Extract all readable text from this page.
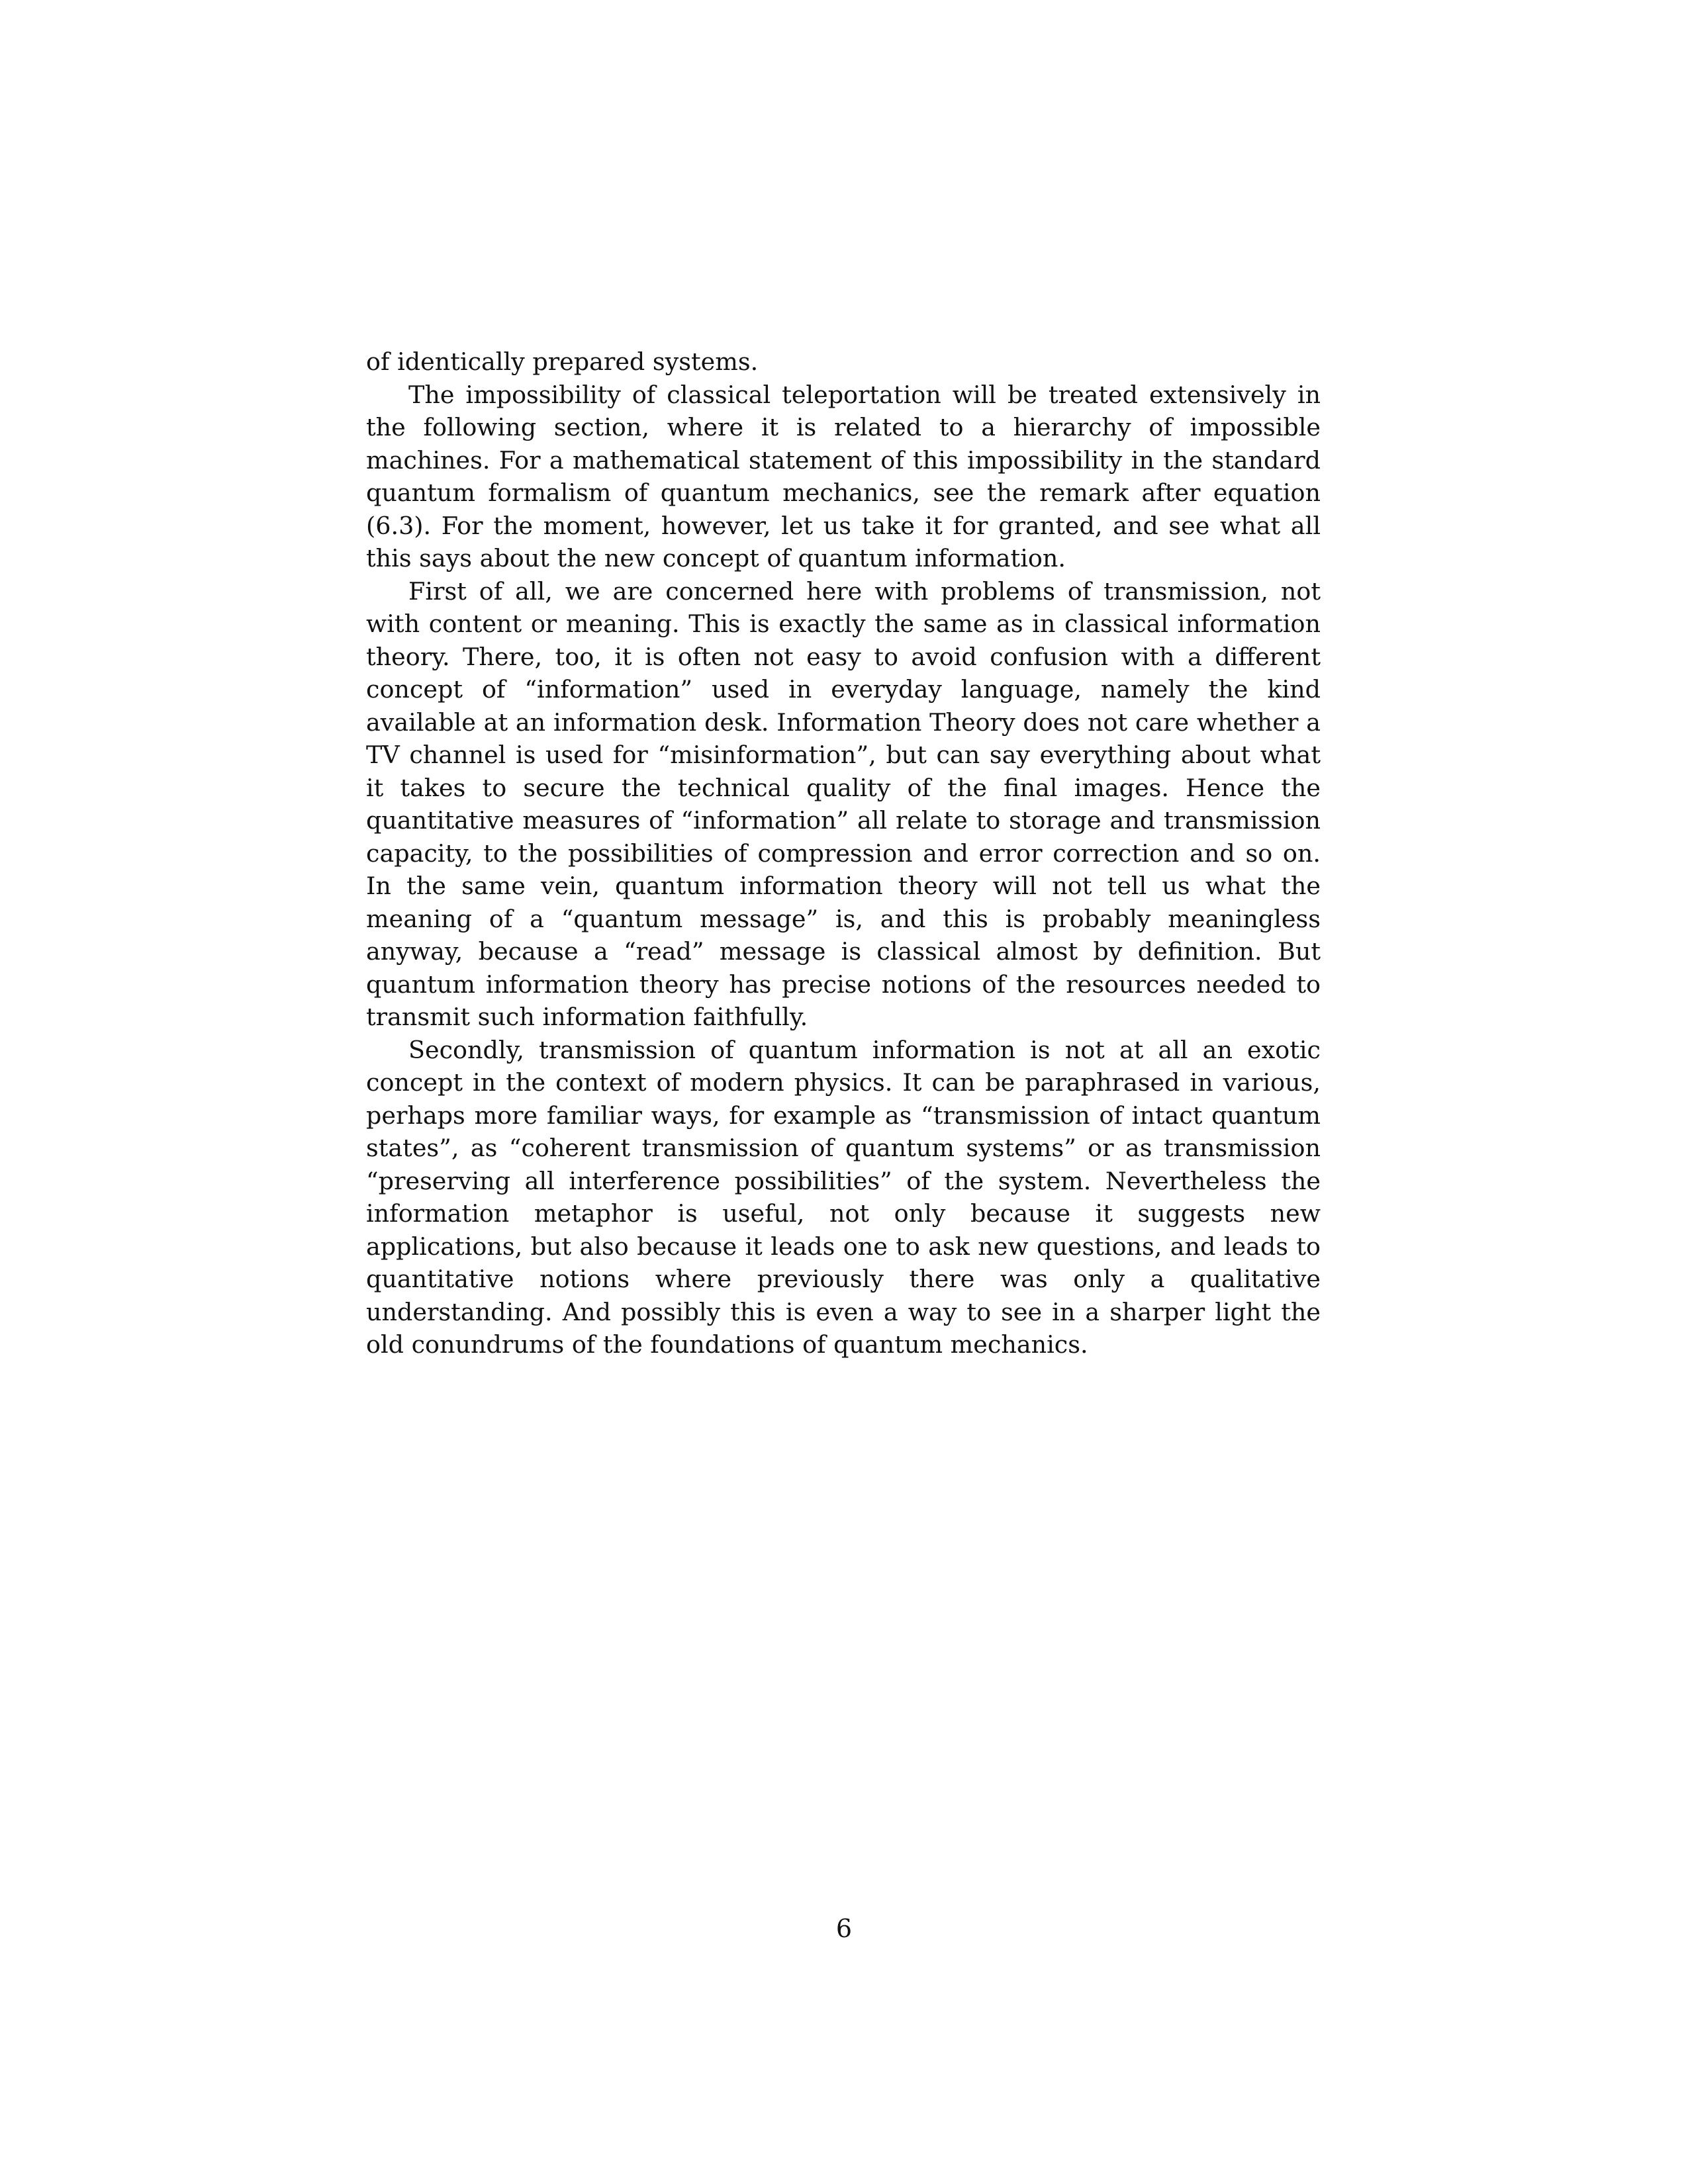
of identically prepared systems.

The impossibility of classical teleportation will be treated extensively in the following section, where it is related to a hierarchy of impossible machines. For a mathematical statement of this impossibility in the standard quantum formalism of quantum mechanics, see the remark after equation (6.3). For the moment, however, let us take it for granted, and see what all this says about the new concept of quantum information.

First of all, we are concerned here with problems of transmission, not with content or meaning. This is exactly the same as in classical information theory. There, too, it is often not easy to avoid confusion with a different concept of “information” used in everyday language, namely the kind available at an information desk. Information Theory does not care whether a TV channel is used for “misinformation”, but can say everything about what it takes to secure the technical quality of the final images. Hence the quantitative measures of “information” all relate to storage and transmission capacity, to the possibilities of compression and error correction and so on. In the same vein, quantum information theory will not tell us what the meaning of a “quantum message” is, and this is probably meaningless anyway, because a “read” message is classical almost by definition. But quantum information theory has precise notions of the resources needed to transmit such information faithfully.

Secondly, transmission of quantum information is not at all an exotic concept in the context of modern physics. It can be paraphrased in various, perhaps more familiar ways, for example as “transmission of intact quantum states”, as “coherent transmission of quantum systems” or as transmission “preserving all interference possibilities” of the system. Nevertheless the information metaphor is useful, not only because it suggests new applications, but also because it leads one to ask new questions, and leads to quantitative notions where previously there was only a qualitative understanding. And possibly this is even a way to see in a sharper light the old conundrums of the foundations of quantum mechanics.

6
